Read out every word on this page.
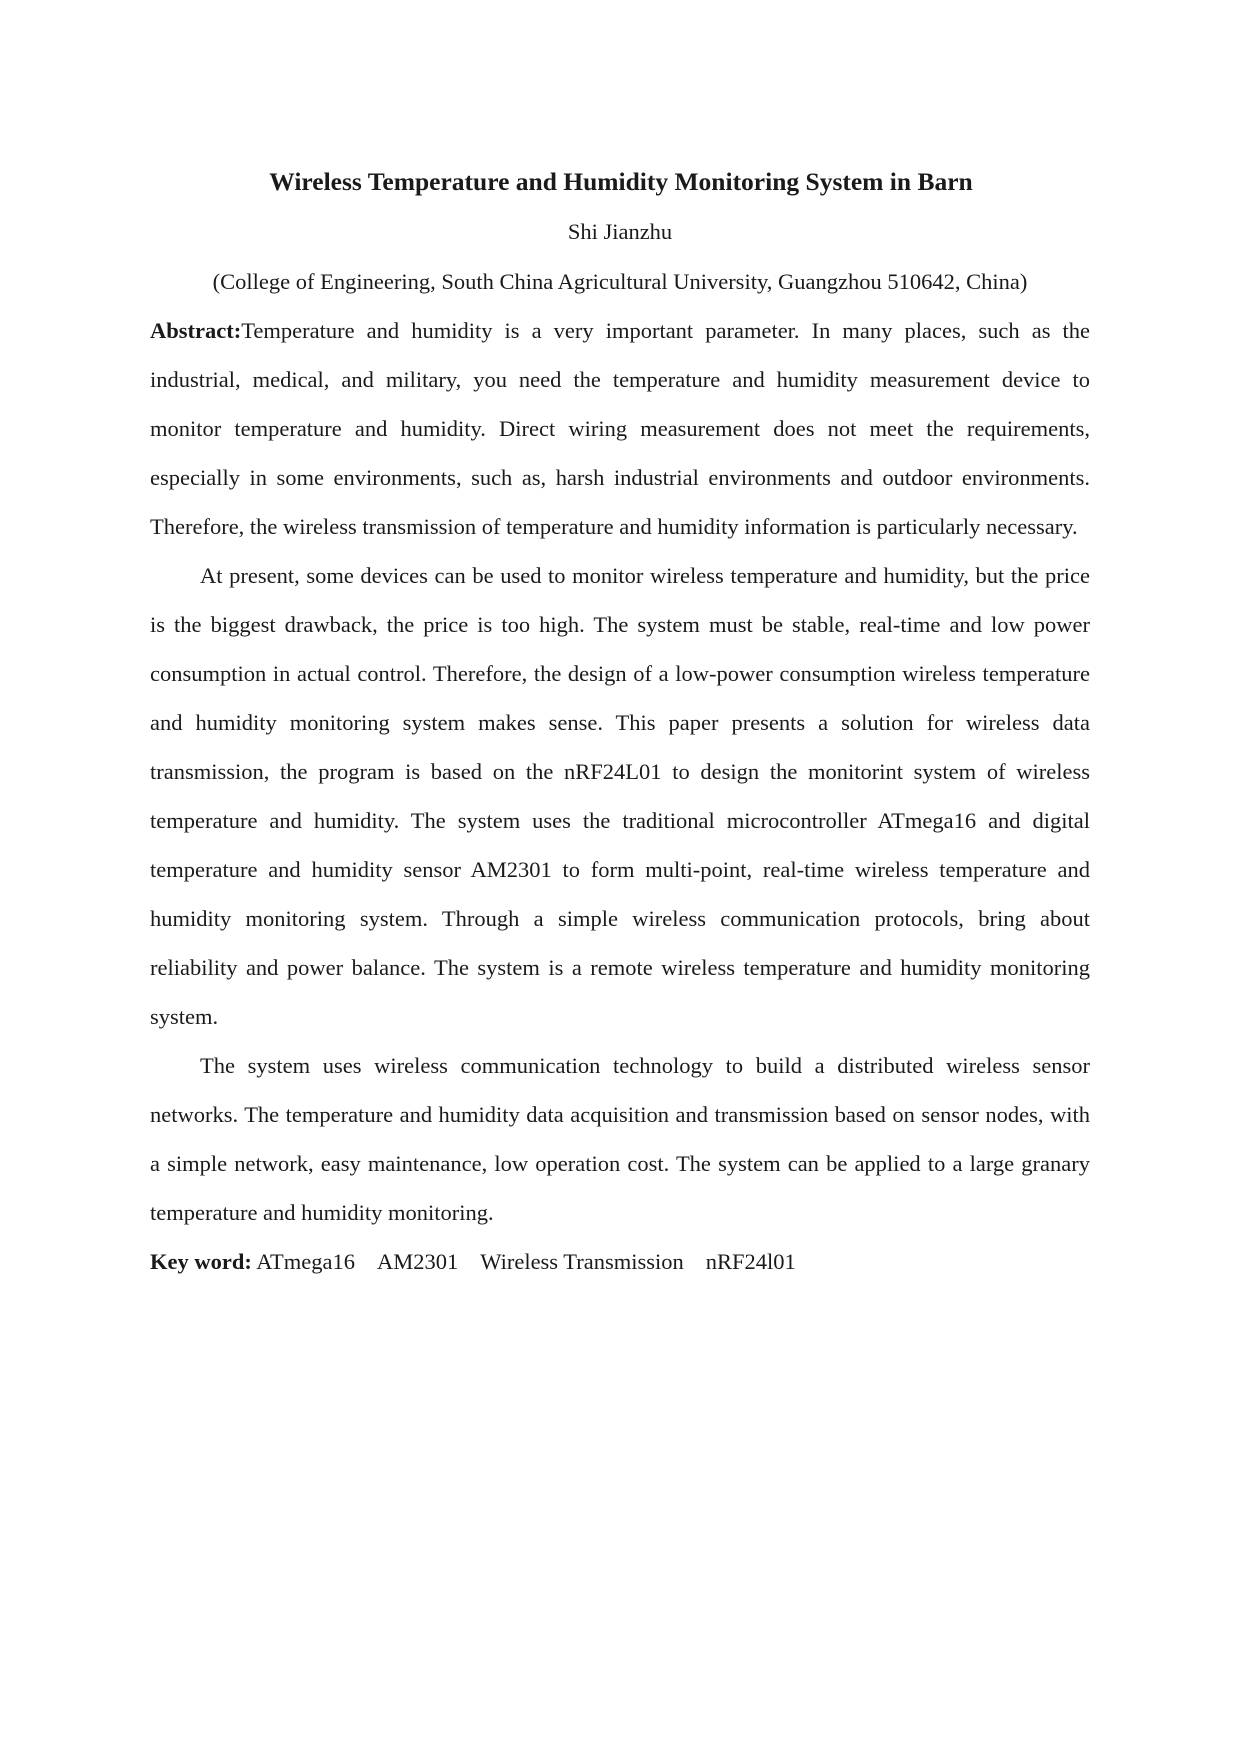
Wireless Temperature and Humidity Monitoring System in Barn
Shi Jianzhu
(College of Engineering, South China Agricultural University, Guangzhou 510642, China)

Abstract:Temperature and humidity is a very important parameter. In many places, such as the industrial, medical, and military, you need the temperature and humidity measurement device to monitor temperature and humidity. Direct wiring measurement does not meet the requirements, especially in some environments, such as, harsh industrial environments and outdoor environments. Therefore, the wireless transmission of temperature and humidity information is particularly necessary.

At present, some devices can be used to monitor wireless temperature and humidity, but the price is the biggest drawback, the price is too high. The system must be stable, real-time and low power consumption in actual control. Therefore, the design of a low-power consumption wireless temperature and humidity monitoring system makes sense. This paper presents a solution for wireless data transmission, the program is based on the nRF24L01 to design the monitorint system of wireless temperature and humidity. The system uses the traditional microcontroller ATmega16 and digital temperature and humidity sensor AM2301 to form multi-point, real-time wireless temperature and humidity monitoring system. Through a simple wireless communication protocols, bring about reliability and power balance. The system is a remote wireless temperature and humidity monitoring system.

The system uses wireless communication technology to build a distributed wireless sensor networks. The temperature and humidity data acquisition and transmission based on sensor nodes, with a simple network, easy maintenance, low operation cost. The system can be applied to a large granary temperature and humidity monitoring.

Key word: ATmega16 AM2301 Wireless Transmission nRF24l01
